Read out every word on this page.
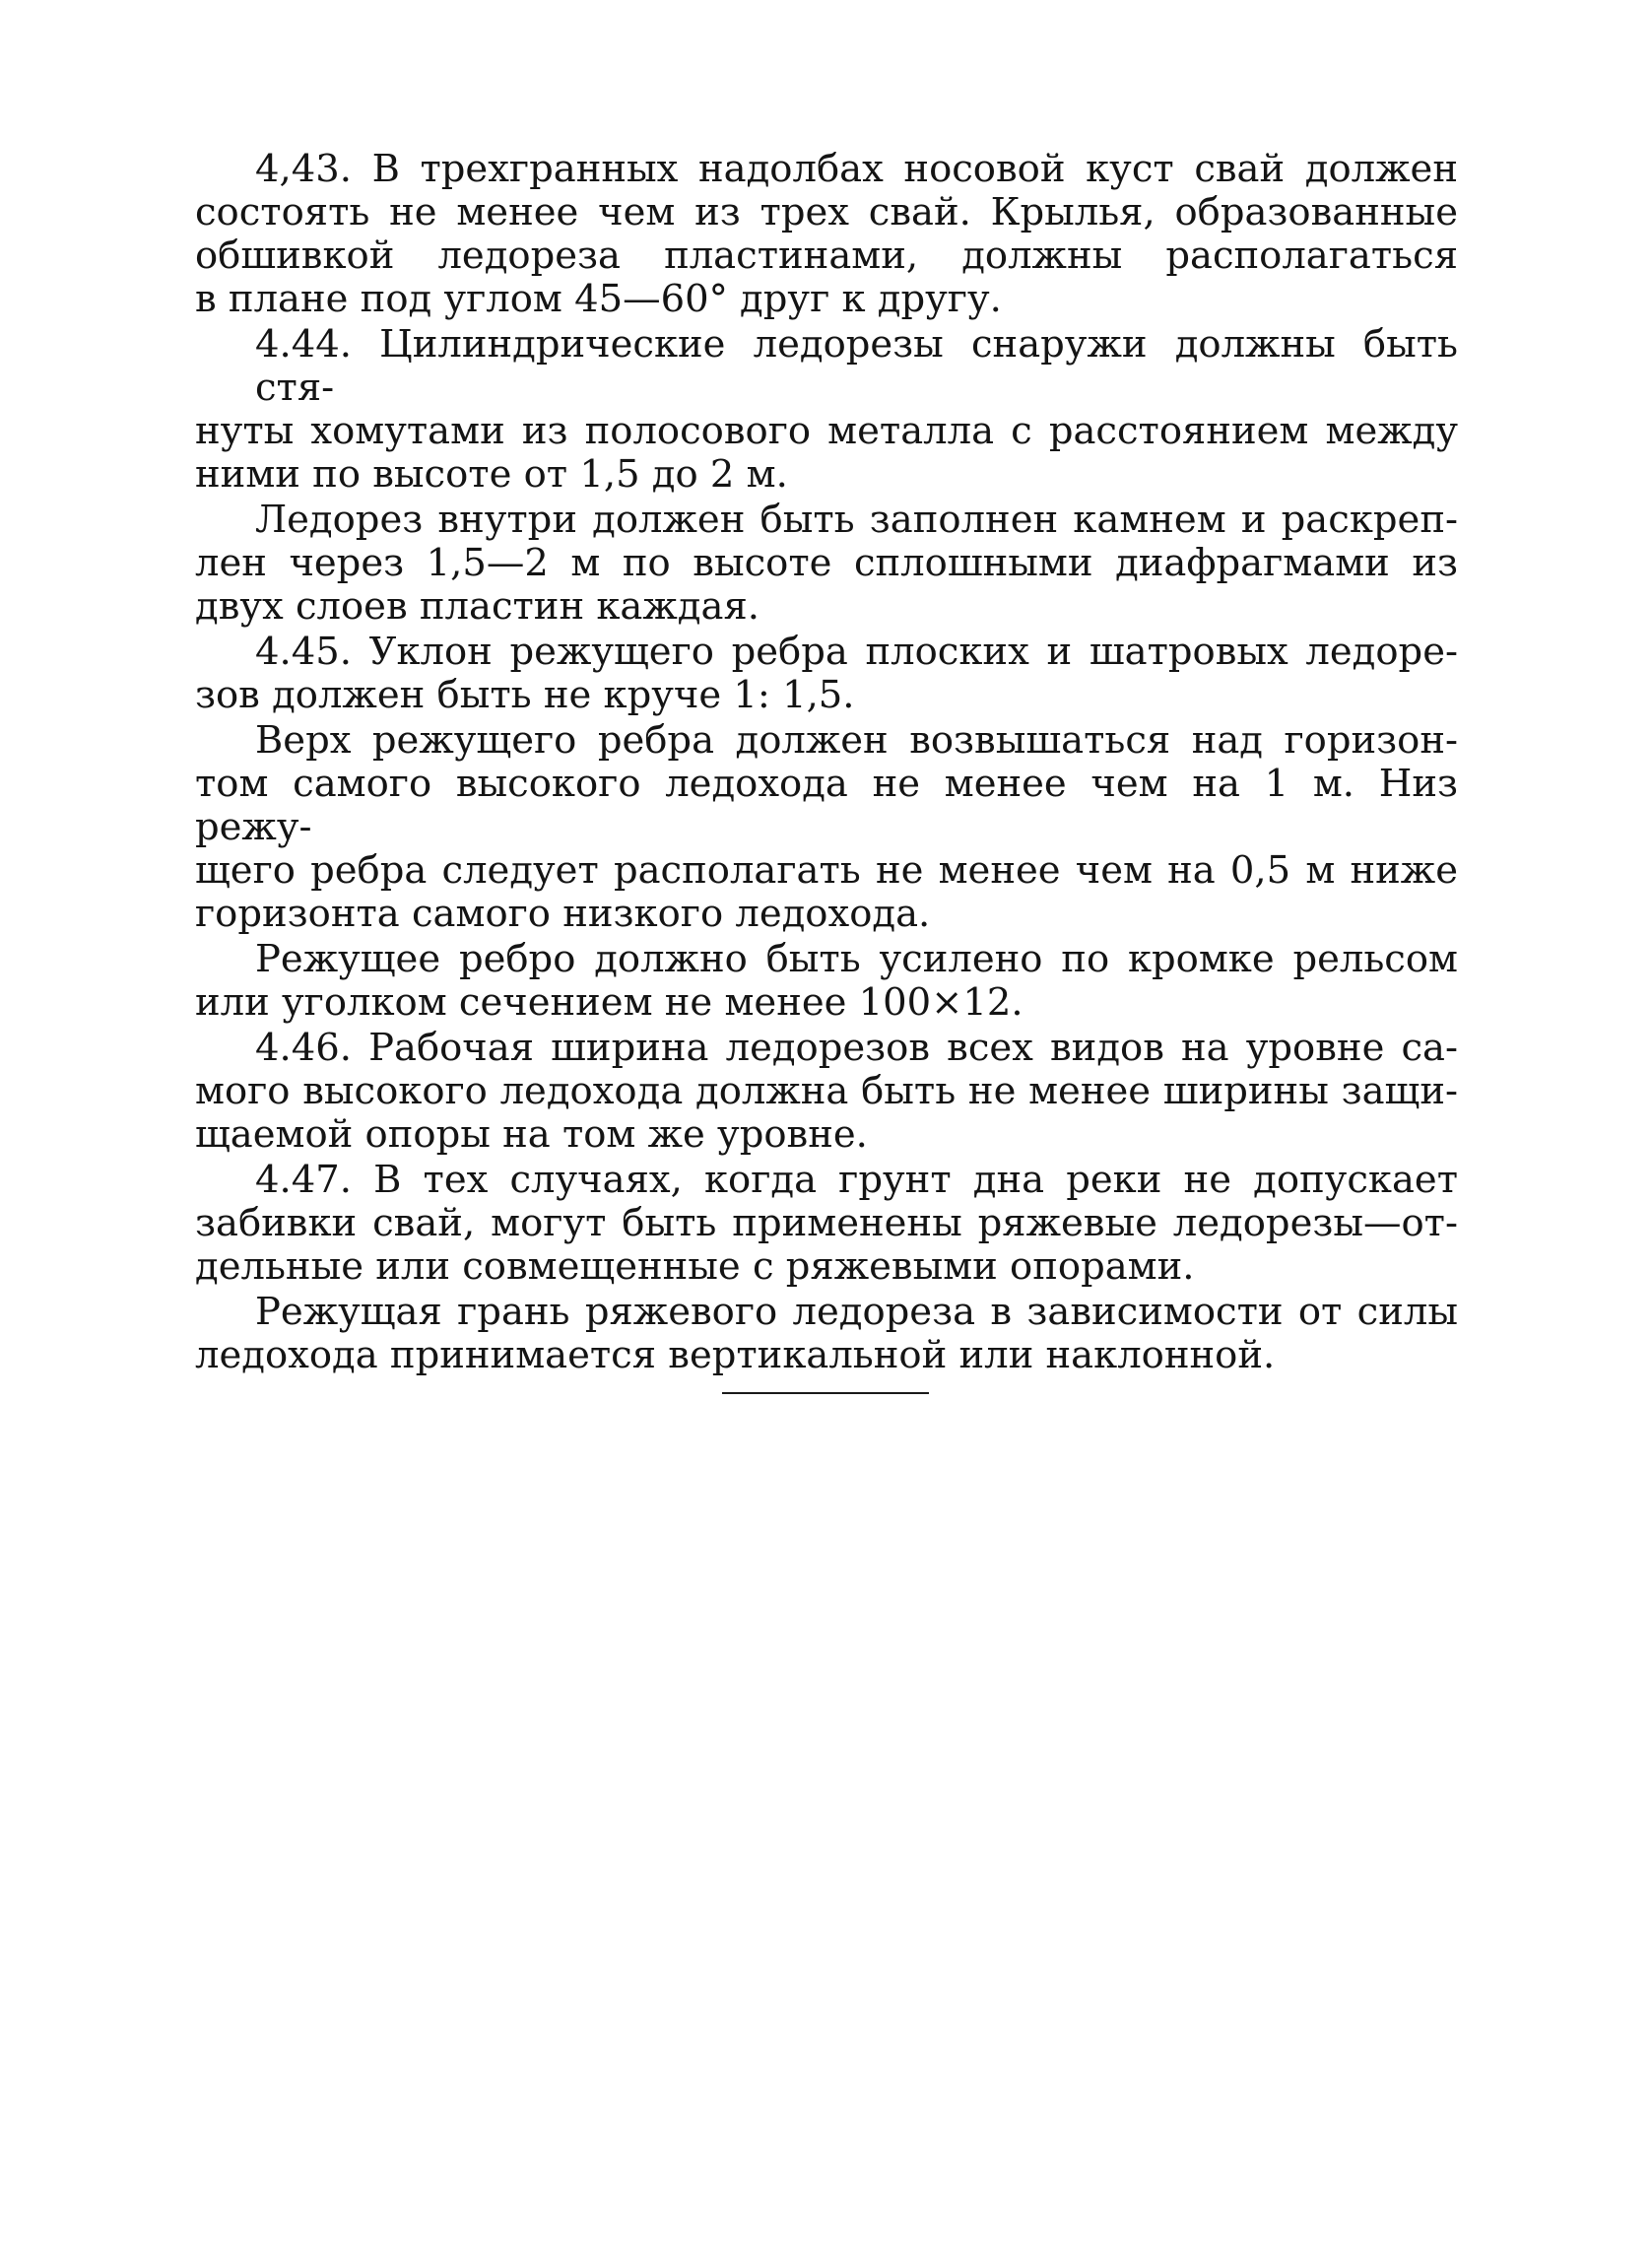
4,43. В трехгранных надолбах носовой куст свай должен
состоять не менее чем из трех свай. Крылья, образованные
обшивкой ледореза пластинами, должны располагаться
в плане под углом 45—60° друг к другу.

4.44. Цилиндрические ледорезы снаружи должны быть стя-
нуты хомутами из полосового металла с расстоянием между
ними по высоте от 1,5 до 2 м.

Ледорез внутри должен быть заполнен камнем и раскреп-
лен через 1,5—2 м по высоте сплошными диафрагмами из
двух слоев пластин каждая.

4.45. Уклон режущего ребра плоских и шатровых ледоре-
зов должен быть не круче 1: 1,5.

Верх режущего ребра должен возвышаться над горизон-
том самого высокого ледохода не менее чем на 1 м. Низ режу-
щего ребра следует располагать не менее чем на 0,5 м ниже
горизонта самого низкого ледохода.

Режущее ребро должно быть усилено по кромке рельсом
или уголком сечением не менее 100×12.

4.46. Рабочая ширина ледорезов всех видов на уровне са-
мого высокого ледохода должна быть не менее ширины защи-
щаемой опоры на том же уровне.

4.47. В тех случаях, когда грунт дна реки не допускает
забивки свай, могут быть применены ряжевые ледорезы—от-
дельные или совмещенные с ряжевыми опорами.

Режущая грань ряжевого ледореза в зависимости от силы
ледохода принимается вертикальной или наклонной.
